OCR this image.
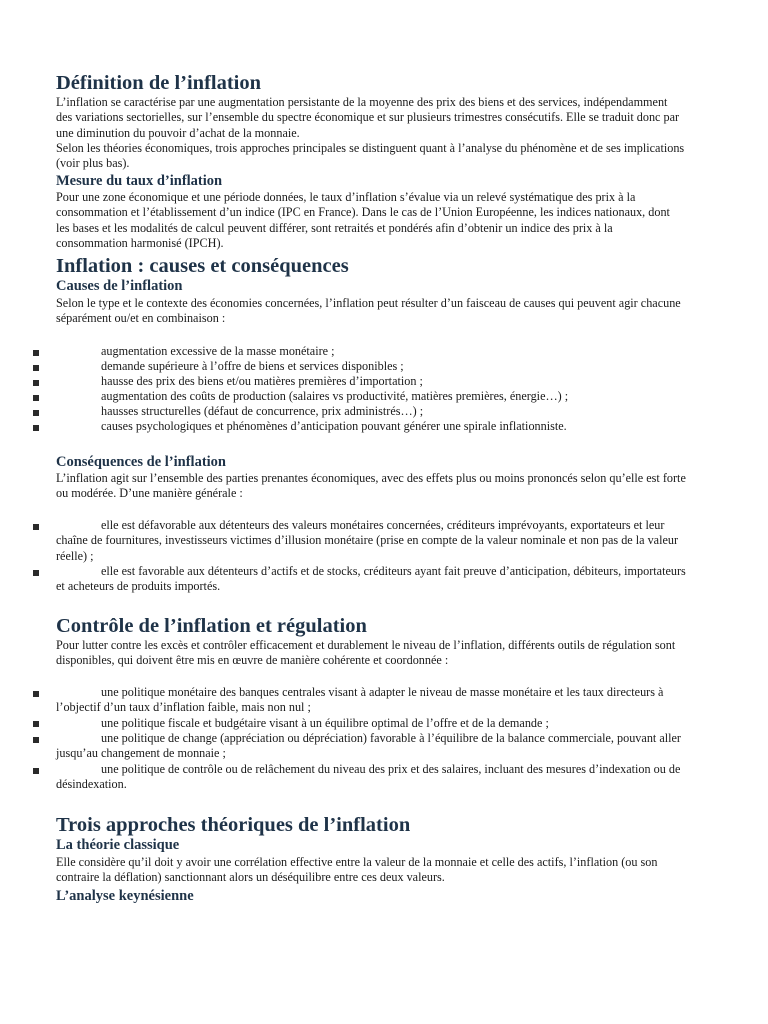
Définition de l’inflation
L’inflation se caractérise par une augmentation persistante de la moyenne des prix des biens et des services, indépendamment des variations sectorielles, sur l’ensemble du spectre économique et sur plusieurs trimestres consécutifs. Elle se traduit donc par une diminution du pouvoir d’achat de la monnaie.
Selon les théories économiques, trois approches principales se distinguent quant à l’analyse du phénomène et de ses implications (voir plus bas).
Mesure du taux d’inflation
Pour une zone économique et une période données, le taux d’inflation s’évalue via un relevé systématique des prix à la consommation et l’établissement d’un indice (IPC en France). Dans le cas de l’Union Européenne, les indices nationaux, dont les bases et les modalités de calcul peuvent différer, sont retraités et pondérés afin d’obtenir un indice des prix à la consommation harmonisé (IPCH).
Inflation : causes et conséquences
Causes de l’inflation
Selon le type et le contexte des économies concernées, l’inflation peut résulter d’un faisceau de causes qui peuvent agir chacune séparément ou/et en combinaison :
augmentation excessive de la masse monétaire ;
demande supérieure à l’offre de biens et services disponibles ;
hausse des prix des biens et/ou matières premières d’importation ;
augmentation des coûts de production (salaires vs productivité, matières premières, énergie…) ;
hausses structurelles (défaut de concurrence, prix administrés…) ;
causes psychologiques et phénomènes d’anticipation pouvant générer une spirale inflationniste.
Conséquences de l’inflation
L’inflation agit sur l’ensemble des parties prenantes économiques, avec des effets plus ou moins prononcés selon qu’elle est forte ou modérée. D’une manière générale :
elle est défavorable aux détenteurs des valeurs monétaires concernées, créditeurs imprévoyants, exportateurs et leur chaîne de fournitures, investisseurs victimes d’illusion monétaire (prise en compte de la valeur nominale et non pas de la valeur réelle) ;
elle est favorable aux détenteurs d’actifs et de stocks, créditeurs ayant fait preuve d’anticipation, débiteurs, importateurs et acheteurs de produits importés.
Contrôle de l’inflation et régulation
Pour lutter contre les excès et contrôler efficacement et durablement le niveau de l’inflation, différents outils de régulation sont disponibles, qui doivent être mis en œuvre de manière cohérente et coordonnée :
une politique monétaire des banques centrales visant à adapter le niveau de masse monétaire et les taux directeurs à l’objectif d’un taux d’inflation faible, mais non nul ;
une politique fiscale et budgétaire visant à un équilibre optimal de l’offre et de la demande ;
une politique de change (appréciation ou dépréciation) favorable à l’équilibre de la balance commerciale, pouvant aller jusqu’au changement de monnaie ;
une politique de contrôle ou de relâchement du niveau des prix et des salaires, incluant des mesures d’indexation ou de désindexation.
Trois approches théoriques de l’inflation
La théorie classique
Elle considère qu’il doit y avoir une corrélation effective entre la valeur de la monnaie et celle des actifs, l’inflation (ou son contraire la déflation) sanctionnant alors un déséquilibre entre ces deux valeurs.
L’analyse keynésienne
